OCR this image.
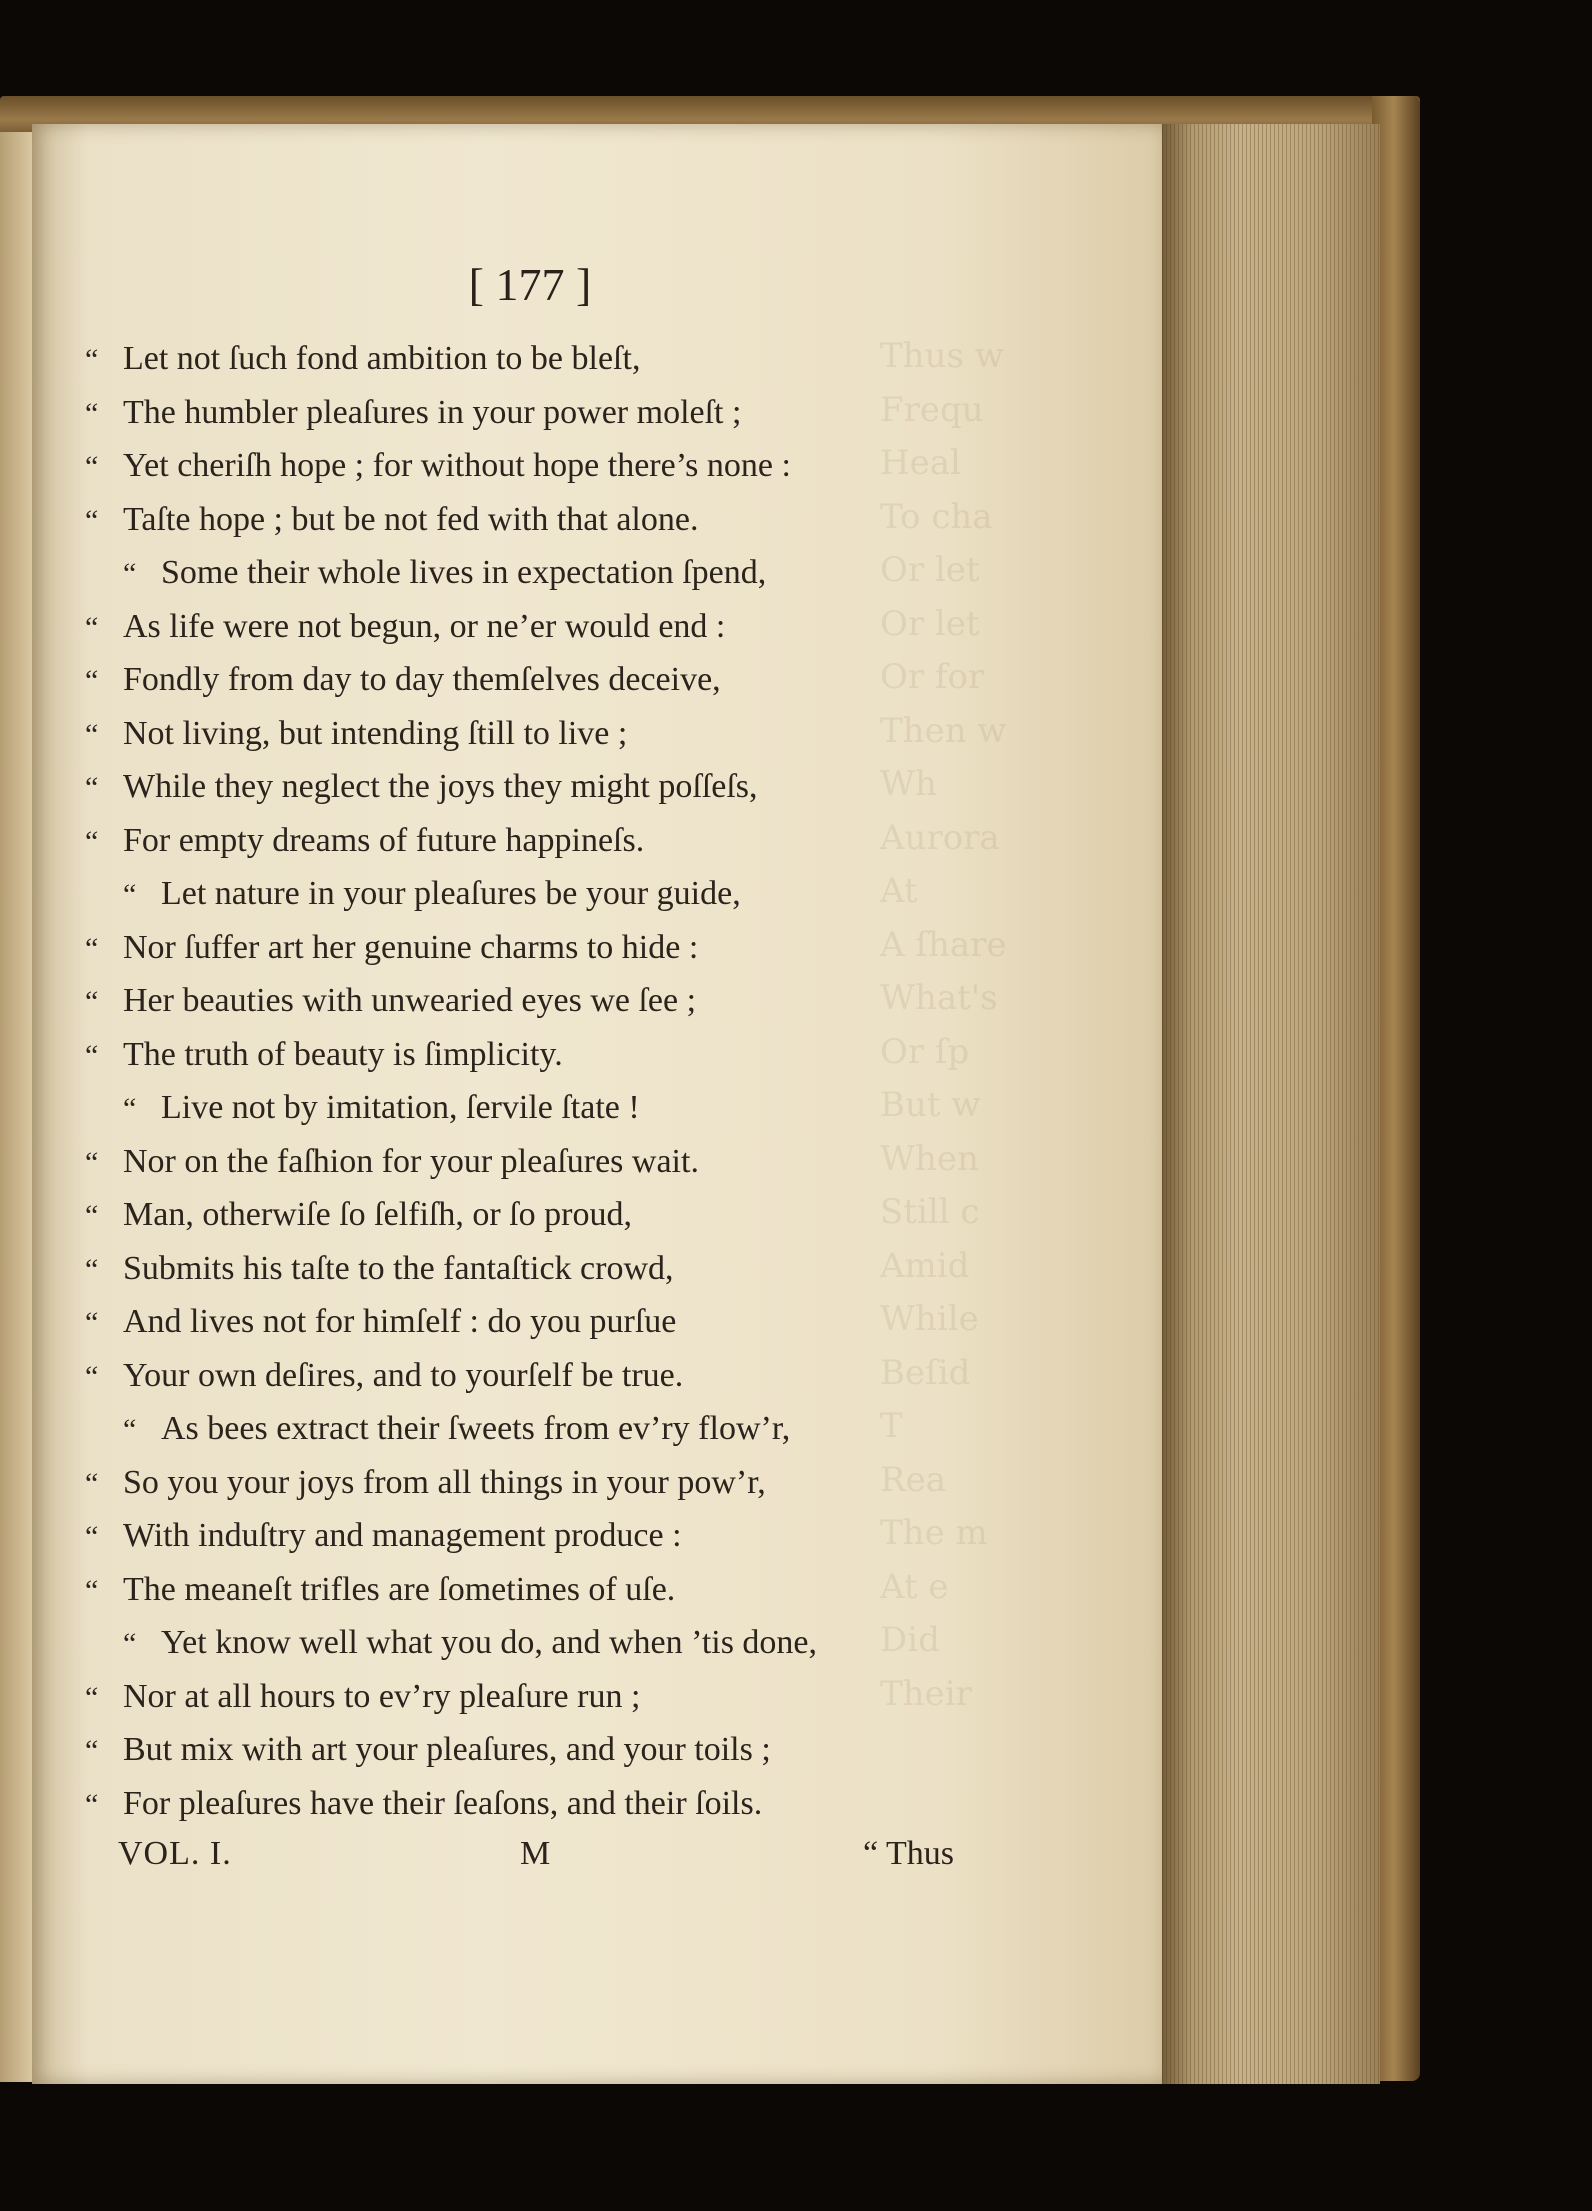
Thus w
Frequ
Heal
To cha
Or let
Or let
Or for
Then w
Wh
Aurora
At
A ſhare
What's
Or ſp
But w
When
Still c
Amid
While
Beſid
T
Rea
The m
At e
Did
Their
[ 177 ]
“ Let not ſuch fond ambition to be bleſt,
“ The humbler pleaſures in your power moleſt ;
“ Yet cheriſh hope ; for without hope there’s none :
“ Taſte hope ; but be not fed with that alone.
“ Some their whole lives in expectation ſpend,
“ As life were not begun, or ne’er would end :
“ Fondly from day to day themſelves deceive,
“ Not living, but intending ſtill to live ;
“ While they neglect the joys they might poſſeſs,
“ For empty dreams of future happineſs.
“ Let nature in your pleaſures be your guide,
“ Nor ſuffer art her genuine charms to hide :
“ Her beauties with unwearied eyes we ſee ;
“ The truth of beauty is ſimplicity.
“ Live not by imitation, ſervile ſtate !
“ Nor on the faſhion for your pleaſures wait.
“ Man, otherwiſe ſo ſelfiſh, or ſo proud,
“ Submits his taſte to the fantaſtick crowd,
“ And lives not for himſelf : do you purſue
“ Your own deſires, and to yourſelf be true.
“ As bees extract their ſweets from ev’ry flow’r,
“ So you your joys from all things in your pow’r,
“ With induſtry and management produce :
“ The meaneſt trifles are ſometimes of uſe.
“ Yet know well what you do, and when ’tis done,
“ Nor at all hours to ev’ry pleaſure run ;
“ But mix with art your pleaſures, and your toils ;
“ For pleaſures have their ſeaſons, and their ſoils.
VOL. I.	M	“ Thus
